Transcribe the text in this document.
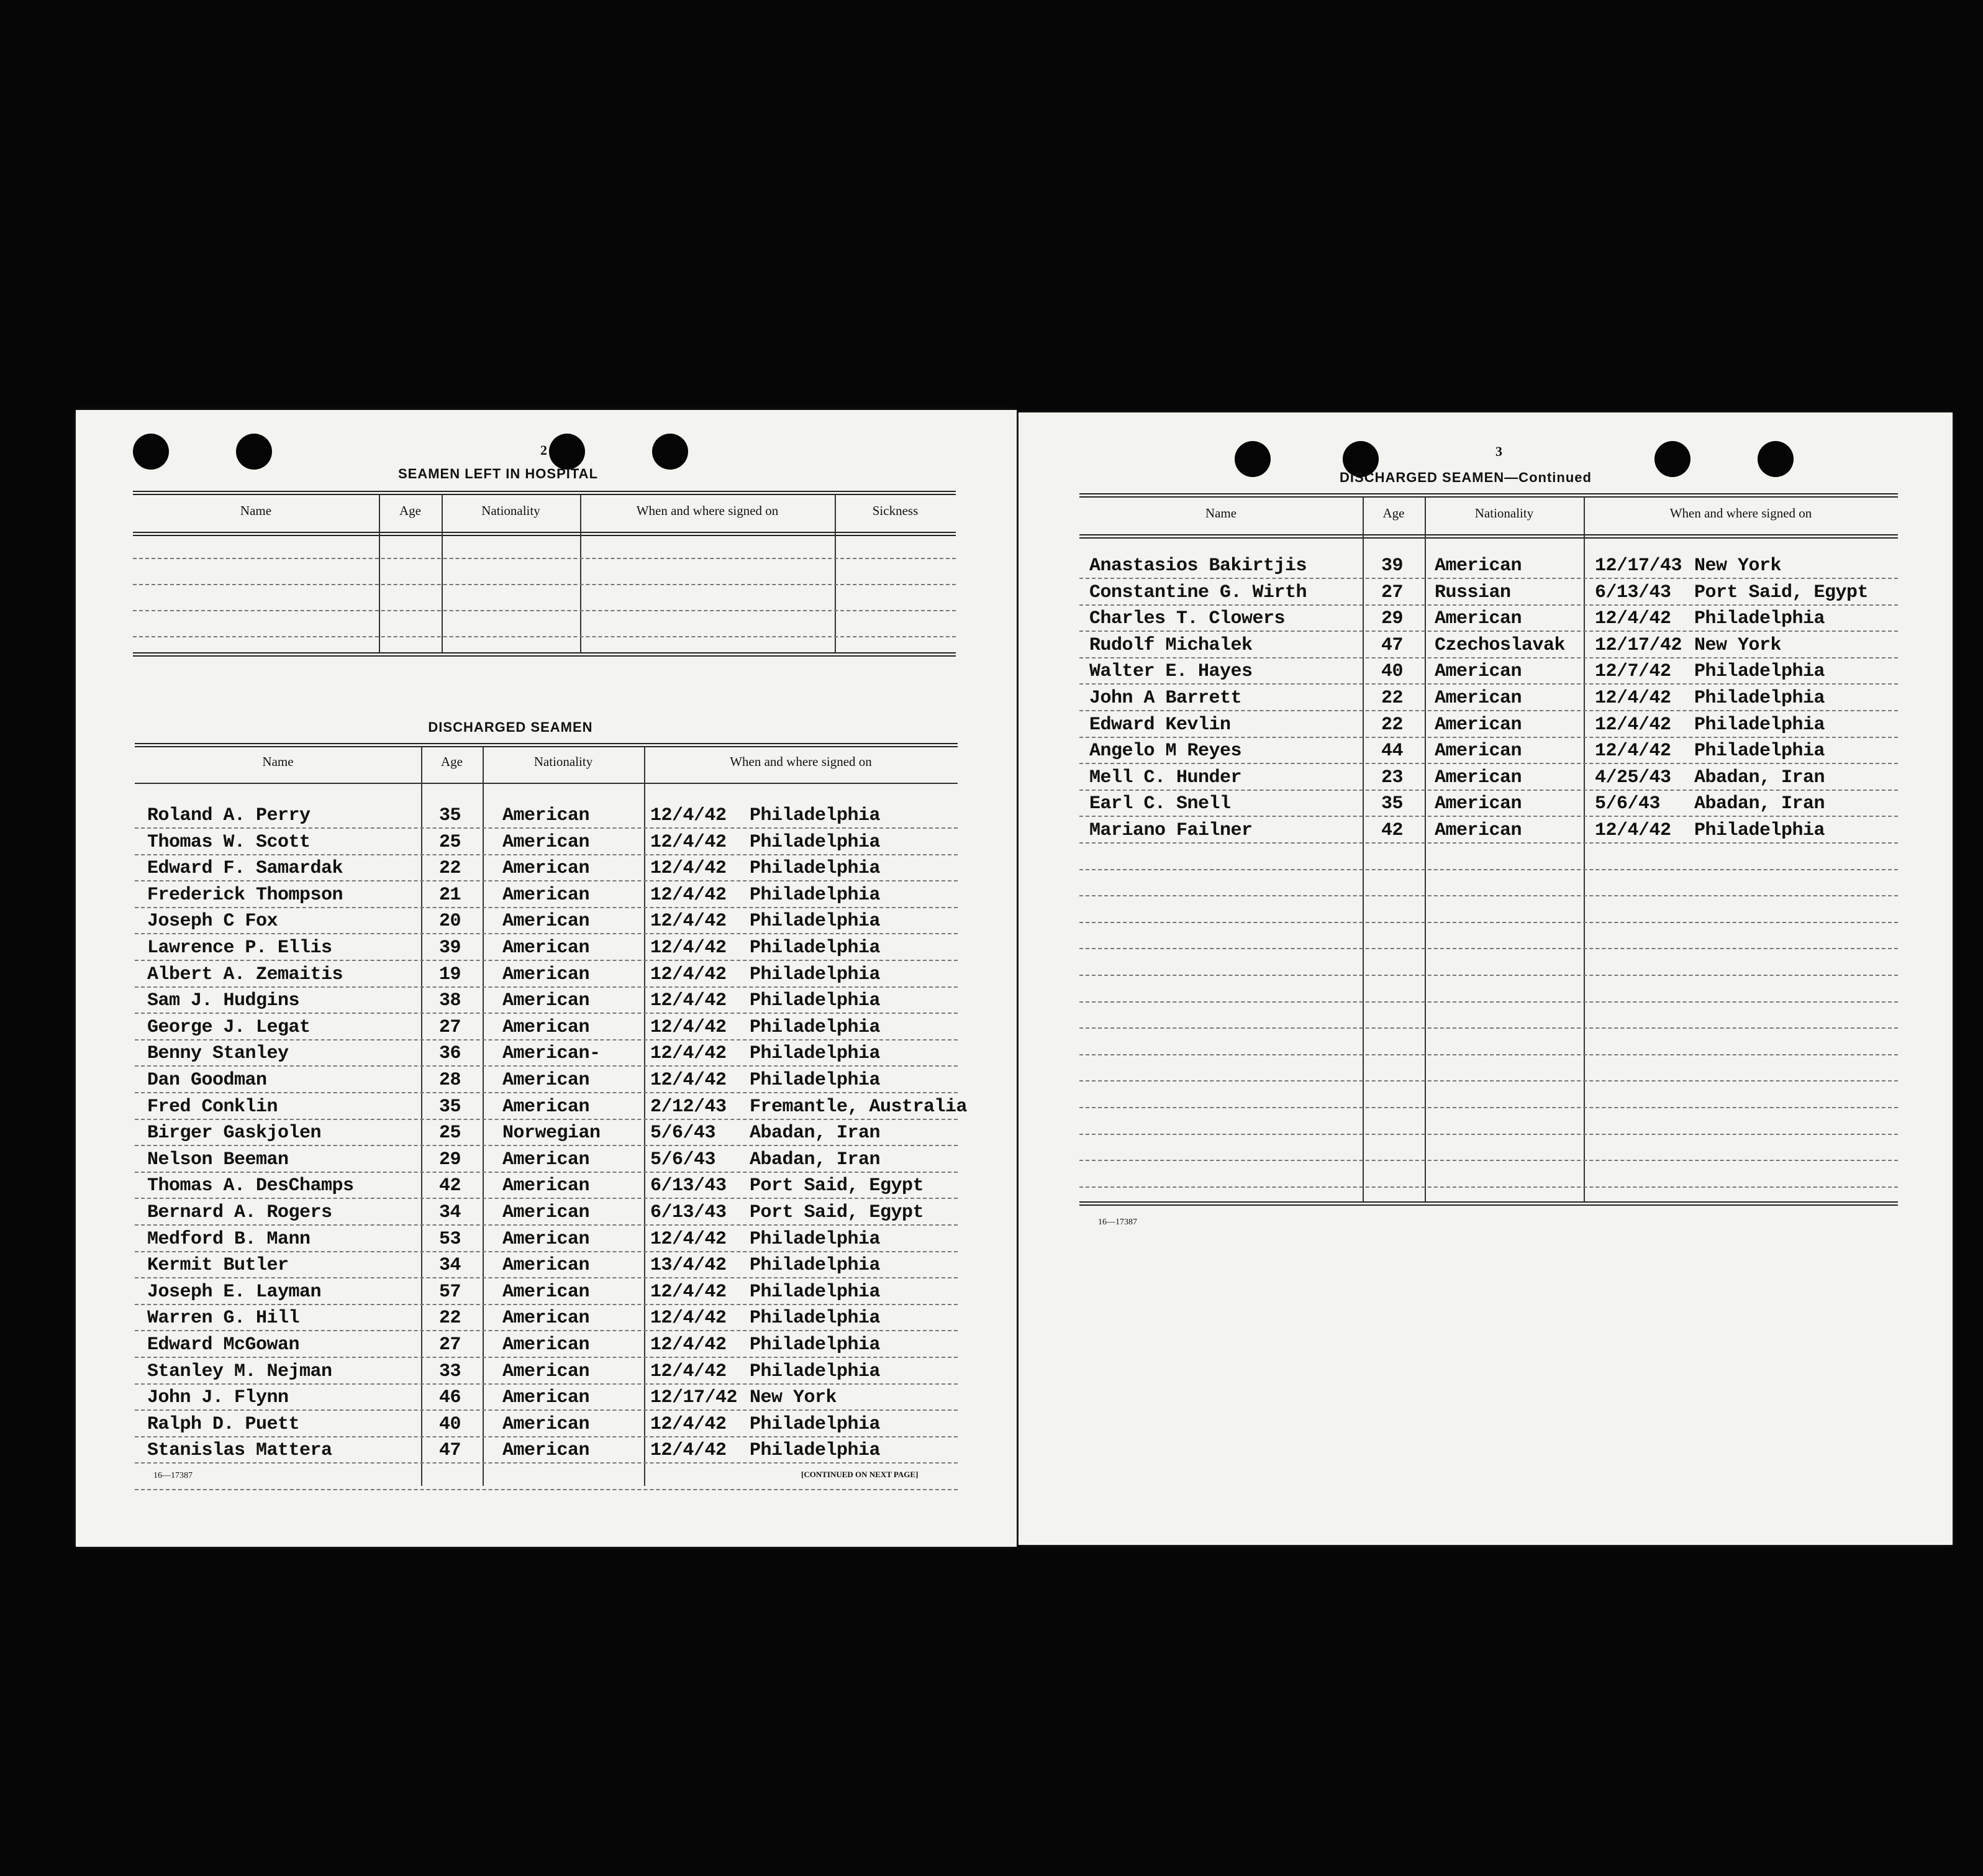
2
SEAMEN LEFT IN HOSPITAL
Name	Age	Nationality	When and where signed on	Sickness
DISCHARGED SEAMEN
Name	Age	Nationality	When and where signed on
Roland A. Perry	35 American	12/4/42 Philadelphia
Thomas W. Scott	25 American	12/4/42 Philadelphia
Edward F. Samardak	22 American	12/4/42 Philadelphia
Frederick Thompson	21 American	12/4/42 Philadelphia
Joseph C Fox	20 American	12/4/42 Philadelphia
Lawrence P. Ellis	39 American	12/4/42 Philadelphia
Albert A. Zemaitis	19 American	12/4/42 Philadelphia
Sam J. Hudgins	38 American	12/4/42 Philadelphia
George J. Legat	27 American	12/4/42 Philadelphia
Benny Stanley	36 American-	12/4/42 Philadelphia
Dan Goodman	28 American	12/4/42 Philadelphia
Fred Conklin	35 American	2/12/43 Fremantle, Australia
Birger Gaskjolen	25 Norwegian	5/6/43 Abadan, Iran
Nelson Beeman	29 American	5/6/43 Abadan, Iran
Thomas A. DesChamps	42 American	6/13/43 Port Said, Egypt
Bernard A. Rogers	34 American	6/13/43 Port Said, Egypt
Medford B. Mann	53 American	12/4/42 Philadelphia
Kermit Butler	34 American	13/4/42 Philadelphia
Joseph E. Layman	57 American	12/4/42 Philadelphia
Warren G. Hill	22 American	12/4/42 Philadelphia
Edward McGowan	27 American	12/4/42 Philadelphia
Stanley M. Nejman	33 American	12/4/42 Philadelphia
John J. Flynn	46 American	12/17/42 New York
Ralph D. Puett	40 American	12/4/42 Philadelphia
Stanislas Mattera	47 American	12/4/42 Philadelphia
16—17387	[CONTINUED ON NEXT PAGE]
3
DISCHARGED SEAMEN—Continued
Name	Age	Nationality	When and where signed on
Anastasios Bakirtjis	39 American	12/17/43 New York
Constantine G. Wirth	27 Russian	6/13/43 Port Said, Egypt
Charles T. Clowers	29 American	12/4/42 Philadelphia
Rudolf Michalek	47 Czechoslavak 12/17/42 New York
Walter E. Hayes	40 American	12/7/42 Philadelphia
John A Barrett	22 American	12/4/42 Philadelphia
Edward Kevlin	22 American	12/4/42 Philadelphia
Angelo M Reyes	44 American	12/4/42 Philadelphia
Mell C. Hunder	23 American	4/25/43 Abadan, Iran
Earl C. Snell	35 American	5/6/43 Abadan, Iran
Mariano Failner	42 American	12/4/42 Philadelphia
16—17387
